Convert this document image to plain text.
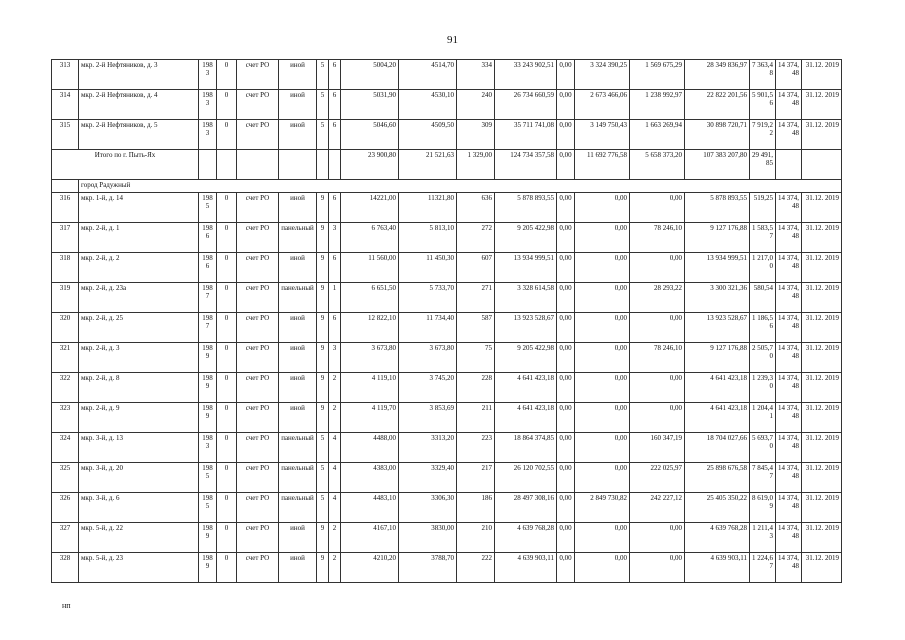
91
313	мкр. 2-й Нефтяников, д. 3	1983	0	счет РО	иной	5	6	5004,20	4514,70	334	33 243 902,51	0,00	3 324 390,25	1 569 675,29	28 349 836,97	7 363,48	14 374,48	31.12. 2019
314	мкр. 2-й Нефтяников, д. 4	1983	0	счет РО	иной	5	6	5031,90	4530,10	240	26 734 660,59	0,00	2 673 466,06	1 238 992,97	22 822 201,56	5 901,56	14 374,48	31.12. 2019
315	мкр. 2-й Нефтяников, д. 5	1983	0	счет РО	иной	5	6	5046,60	4509,50	309	35 711 741,08	0,00	3 149 750,43	1 663 269,94	30 898 720,71	7 919,22	14 374,48	31.12. 2019
Итого по г. Пыть-Ях								23 900,80	21 521,63	1 329,00	124 734 357,58	0,00	11 692 776,58	5 658 373,20	107 383 207,80	29 491,85		
	город Радужный																	
316	мкр. 1-й, д. 14	1985	0	счет РО	иной	9	6	14221,00	11321,80	636	5 878 893,55	0,00	0,00	0,00	5 878 893,55	519,25	14 374,48	31.12. 2019
317	мкр. 2-й, д. 1	1986	0	счет РО	панельный	9	3	6 763,40	5 813,10	272	9 205 422,98	0,00	0,00	78 246,10	9 127 176,88	1 583,57	14 374,48	31.12. 2019
318	мкр. 2-й, д. 2	1986	0	счет РО	иной	9	6	11 560,00	11 450,30	607	13 934 999,51	0,00	0,00	0,00	13 934 999,51	1 217,00	14 374,48	31.12. 2019
319	мкр. 2-й, д. 23а	1987	0	счет РО	панельный	9	1	6 651,50	5 733,70	271	3 328 614,58	0,00	0,00	28 293,22	3 300 321,36	580,54	14 374,48	31.12. 2019
320	мкр. 2-й, д. 25	1987	0	счет РО	иной	9	6	12 822,10	11 734,40	587	13 923 528,67	0,00	0,00	0,00	13 923 528,67	1 186,56	14 374,48	31.12. 2019
321	мкр. 2-й, д. 3	1989	0	счет РО	иной	9	3	3 673,80	3 673,80	75	9 205 422,98	0,00	0,00	78 246,10	9 127 176,88	2 505,70	14 374,48	31.12. 2019
322	мкр. 2-й, д. 8	1989	0	счет РО	иной	9	2	4 119,10	3 745,20	228	4 641 423,18	0,00	0,00	0,00	4 641 423,18	1 239,30	14 374,48	31.12. 2019
323	мкр. 2-й, д. 9	1989	0	счет РО	иной	9	2	4 119,70	3 853,69	211	4 641 423,18	0,00	0,00	0,00	4 641 423,18	1 204,41	14 374,48	31.12. 2019
324	мкр. 3-й, д. 13	1983	0	счет РО	панельный	5	4	4488,00	3313,20	223	18 864 374,85	0,00	0,00	160 347,19	18 704 027,66	5 693,70	14 374,48	31.12. 2019
325	мкр. 3-й, д. 20	1985	0	счет РО	панельный	5	4	4383,00	3329,40	217	26 120 702,55	0,00	0,00	222 025,97	25 898 676,58	7 845,47	14 374,48	31.12. 2019
326	мкр. 3-й, д. 6	1985	0	счет РО	панельный	5	4	4483,10	3306,30	186	28 497 308,16	0,00	2 849 730,82	242 227,12	25 405 350,22	8 619,09	14 374,48	31.12. 2019
327	мкр. 5-й, д. 22	1989	0	счет РО	иной	9	2	4167,10	3830,00	210	4 639 768,28	0,00	0,00	0,00	4 639 768,28	1 211,43	14 374,48	31.12. 2019
328	мкр. 5-й, д. 23	1989	0	счет РО	иной	9	2	4210,20	3788,70	222	4 639 903,11	0,00	0,00	0,00	4 639 903,11	1 224,67	14 374,48	31.12. 2019
нп
